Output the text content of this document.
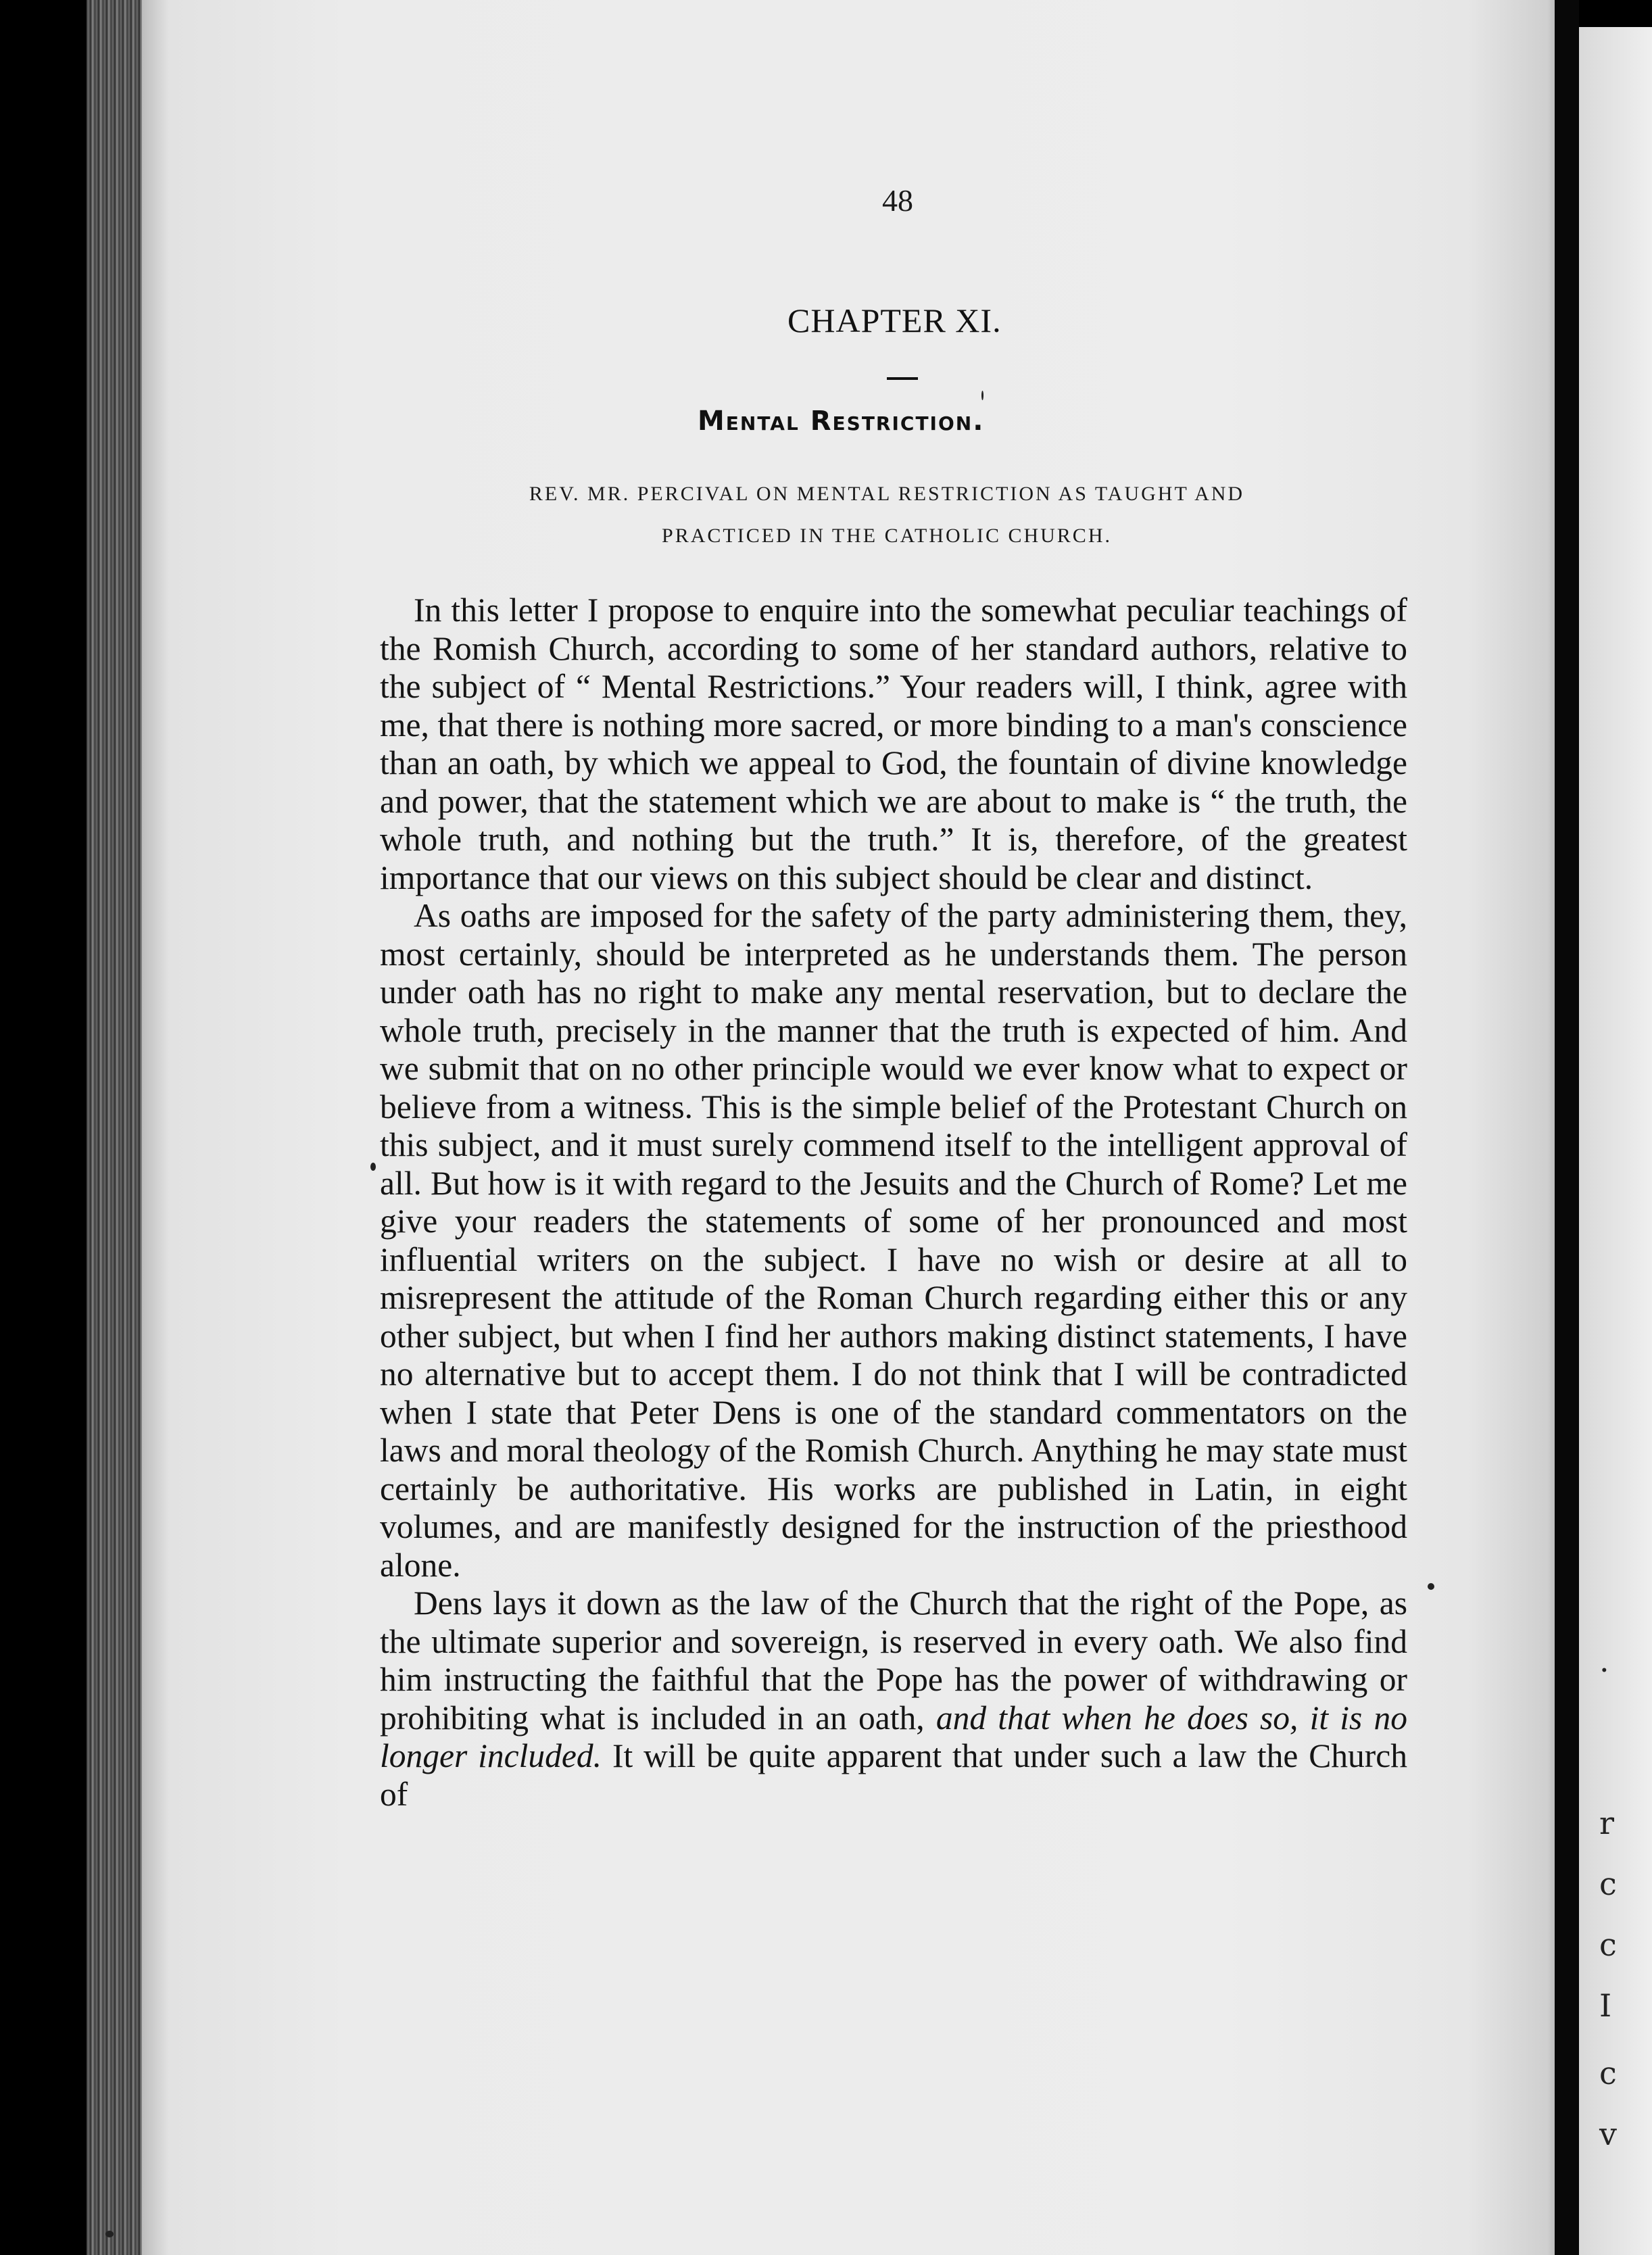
.
r
c
c
I
c
v
48
CHAPTER XI.
Mental Restriction.
REV. MR. PERCIVAL ON MENTAL RESTRICTION AS TAUGHT AND
PRACTICED IN THE CATHOLIC CHURCH.

In this letter I propose to enquire into the somewhat peculiar teachings of the Romish Church, according to some of her standard authors, relative to the subject of “ Mental Restrictions.” Your readers will, I think, agree with me, that there is nothing more sacred, or more binding to a man's conscience than an oath, by which we appeal to God, the fountain of divine knowledge and power, that the statement which we are about to make is “ the truth, the whole truth, and nothing but the truth.” It is, therefore, of the greatest importance that our views on this subject should be clear and distinct.

As oaths are imposed for the safety of the party administering them, they, most certainly, should be interpreted as he understands them. The person under oath has no right to make any mental reservation, but to declare the whole truth, precisely in the manner that the truth is expected of him. And we submit that on no other principle would we ever know what to expect or believe from a witness. This is the simple belief of the Protestant Church on this subject, and it must surely commend itself to the intelligent approval of all. But how is it with regard to the Jesuits and the Church of Rome? Let me give your readers the statements of some of her pronounced and most influential writers on the subject. I have no wish or desire at all to misrepresent the attitude of the Roman Church regarding either this or any other subject, but when I find her authors making distinct statements, I have no alternative but to accept them. I do not think that I will be contradicted when I state that Peter Dens is one of the standard commentators on the laws and moral theology of the Romish Church. Anything he may state must certainly be authoritative. His works are published in Latin, in eight volumes, and are manifestly designed for the instruction of the priesthood alone.

Dens lays it down as the law of the Church that the right of the Pope, as the ultimate superior and sovereign, is reserved in every oath. We also find him instructing the faithful that the Pope has the power of withdrawing or prohibiting what is included in an oath, and that when he does so, it is no longer included. It will be quite apparent that under such a law the Church of
